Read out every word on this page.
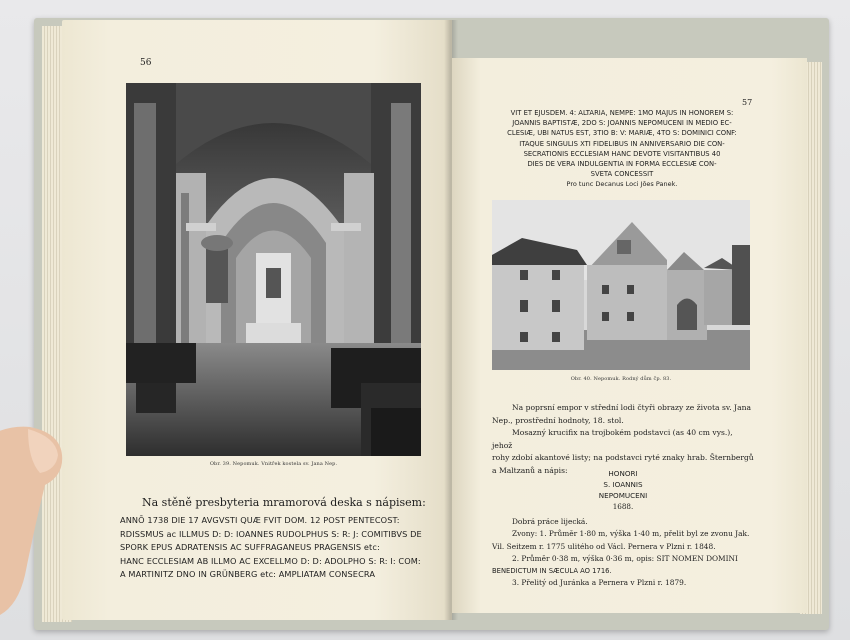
56
Obr. 39. Nepomuk. Vnitřek kostela sv. Jana Nep.
Na stěně presbyteria mramorová deska s nápisem:
ANNŌ 1738 DIE 17 AVGVSTI QUÆ FVIT DOM. 12 POST PENTECOST:
RDISSMUS ac ILLMUS D: D: IOANNES RUDOLPHUS S: R: J: COMITIBVS DE
SPORK EPUS ADRATENSIS AC SUFFRAGANEUS PRAGENSIS etc:
HANC ECCLESIAM AB ILLMO AC EXCELLMO D: D: ADOLPHO S: R: I: COM:
A MARTINITZ DNO IN GRÜNBERG etc: AMPLIATAM CONSECRA
57
VIT ET EJUSDEM. 4: ALTARIA, NEMPE: 1MO MAJUS IN HONOREM S:
JOANNIS BAPTISTÆ, 2DO S: JOANNIS NEPOMUCENI IN MEDIO EC-
CLESIÆ, UBI NATUS EST, 3TIO B: V: MARIÆ, 4TO S: DOMINICI CONF:
ITAQUE SINGULIS XTI FIDELIBUS IN ANNIVERSARIO DIE CON-
SECRATIONIS ECCLESIAM HANC DEVOTE VISITANTIBUS 40
DIES DE VERA INDULGENTIA IN FORMA ECCLESIÆ CON-
SVETA CONCESSIT
Pro tunc Decanus Loci Jōes Panek.
Obr. 40. Nepomuk. Rodný dům čp. 83.
Na poprsní empor v střední lodi čtyři obrazy ze života sv. Jana
Nep., prostřední hodnoty, 18. stol.
Mosazný krucifix na trojbokém podstavci (as 40 cm vys.), jehož
rohy zdobí akantové listy; na podstavci ryté znaky hrab. Šternbergů
a Maltzanů a nápis:	HONORI
S. IOANNIS
NEPOMUCENI
1688.
Dobrá práce lijecká.
Zvony: 1. Průměr 1·80 m, výška 1·40 m, přelit byl ze zvonu Jak.
Vil. Seitzem r. 1775 ulitého od Václ. Pernera v Plzni r. 1848.
2. Průměr 0·38 m, výška 0·36 m, opis: SIT NOMEN DOMINI
BENEDICTUM IN SÆCULA AO 1716.
3. Přelitý od Juránka a Pernera v Plzni r. 1879.
